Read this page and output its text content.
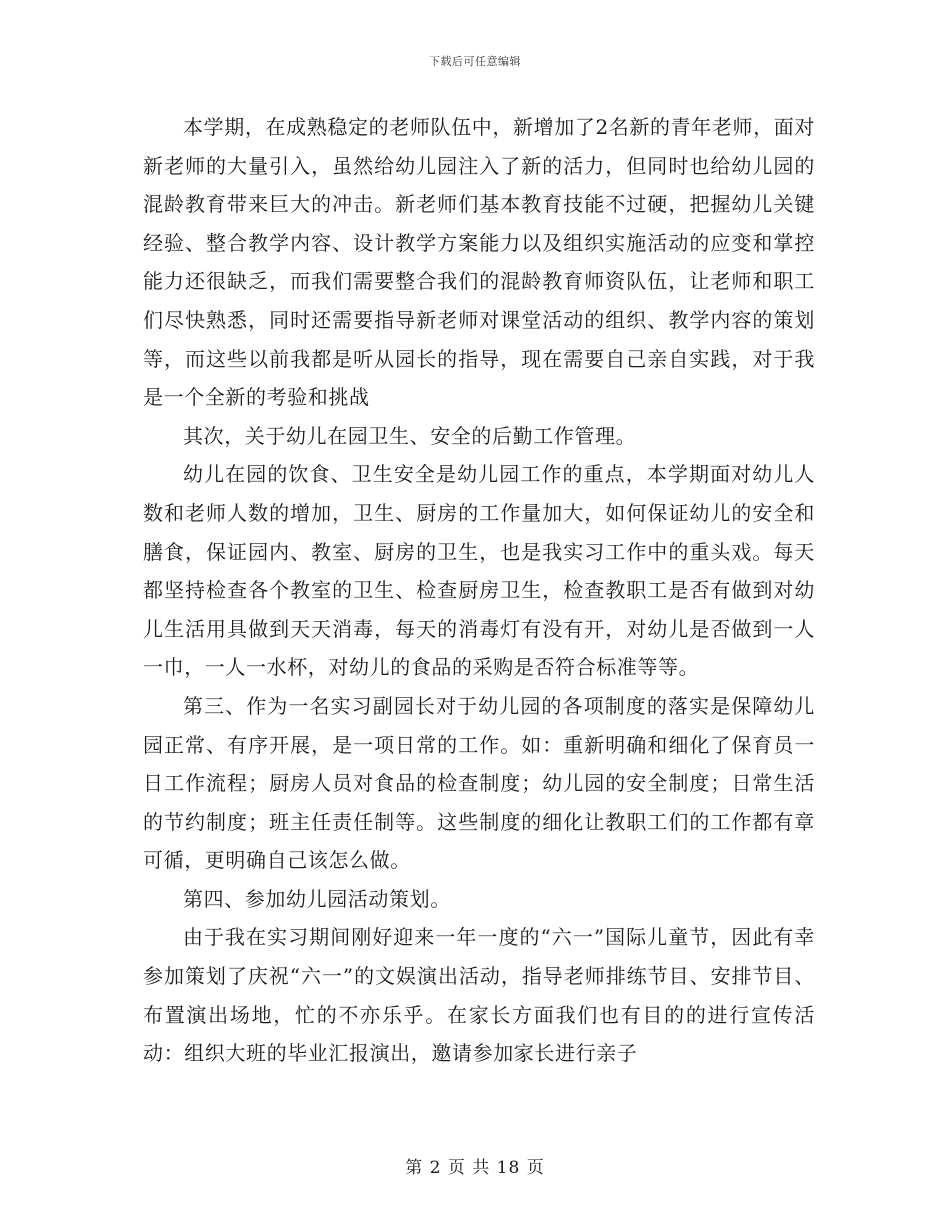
下载后可任意编辑

本学期，在成熟稳定的老师队伍中，新增加了2名新的青年老师，面对新老师的大量引入，虽然给幼儿园注入了新的活力，但同时也给幼儿园的混龄教育带来巨大的冲击。新老师们基本教育技能不过硬，把握幼儿关键经验、整合教学内容、设计教学方案能力以及组织实施活动的应变和掌控能力还很缺乏，而我们需要整合我们的混龄教育师资队伍，让老师和职工们尽快熟悉，同时还需要指导新老师对课堂活动的组织、教学内容的策划等，而这些以前我都是听从园长的指导，现在需要自己亲自实践，对于我是一个全新的考验和挑战

其次，关于幼儿在园卫生、安全的后勤工作管理。

幼儿在园的饮食、卫生安全是幼儿园工作的重点，本学期面对幼儿人数和老师人数的增加，卫生、厨房的工作量加大，如何保证幼儿的安全和膳食，保证园内、教室、厨房的卫生，也是我实习工作中的重头戏。每天都坚持检查各个教室的卫生、检查厨房卫生，检查教职工是否有做到对幼儿生活用具做到天天消毒，每天的消毒灯有没有开，对幼儿是否做到一人一巾，一人一水杯，对幼儿的食品的采购是否符合标准等等。

第三、作为一名实习副园长对于幼儿园的各项制度的落实是保障幼儿园正常、有序开展，是一项日常的工作。如：重新明确和细化了保育员一日工作流程；厨房人员对食品的检查制度；幼儿园的安全制度；日常生活的节约制度；班主任责任制等。这些制度的细化让教职工们的工作都有章可循，更明确自己该怎么做。

第四、参加幼儿园活动策划。

由于我在实习期间刚好迎来一年一度的“六一”国际儿童节，因此有幸参加策划了庆祝“六一”的文娱演出活动，指导老师排练节目、安排节目、布置演出场地，忙的不亦乐乎。在家长方面我们也有目的的进行宣传活动：组织大班的毕业汇报演出，邀请参加家长进行亲子

第 2 页 共 18 页
